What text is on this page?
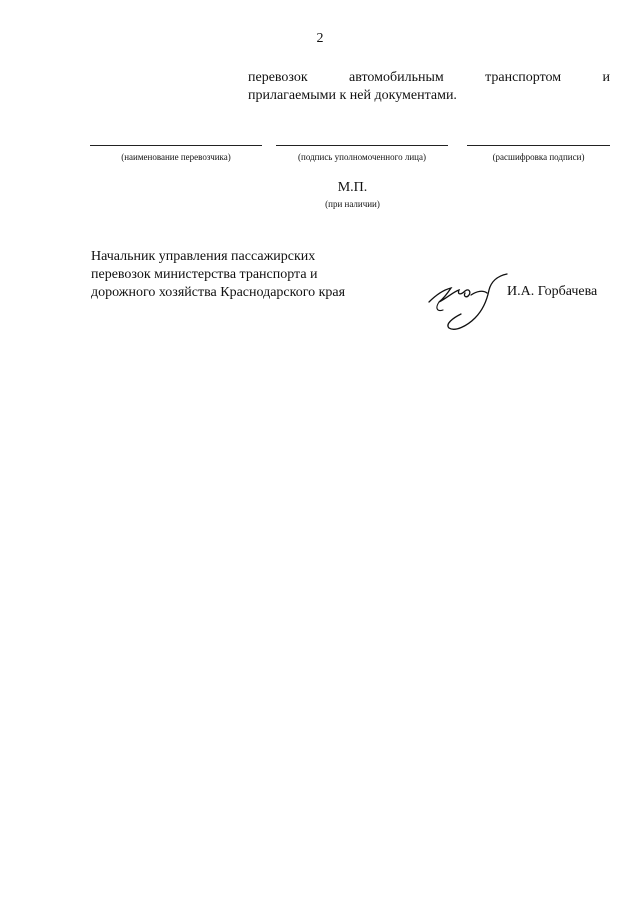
2
перевозок	автомобильным	транспортом	и
прилагаемыми к ней документами.
(наименование перевозчика)	(подпись уполномоченного лица)	(расшифровка подписи)
М.П.
(при наличии)
Начальник управления пассажирских
перевозок министерства транспорта и
дорожного хозяйства Краснодарского края	И.А. Горбачева
